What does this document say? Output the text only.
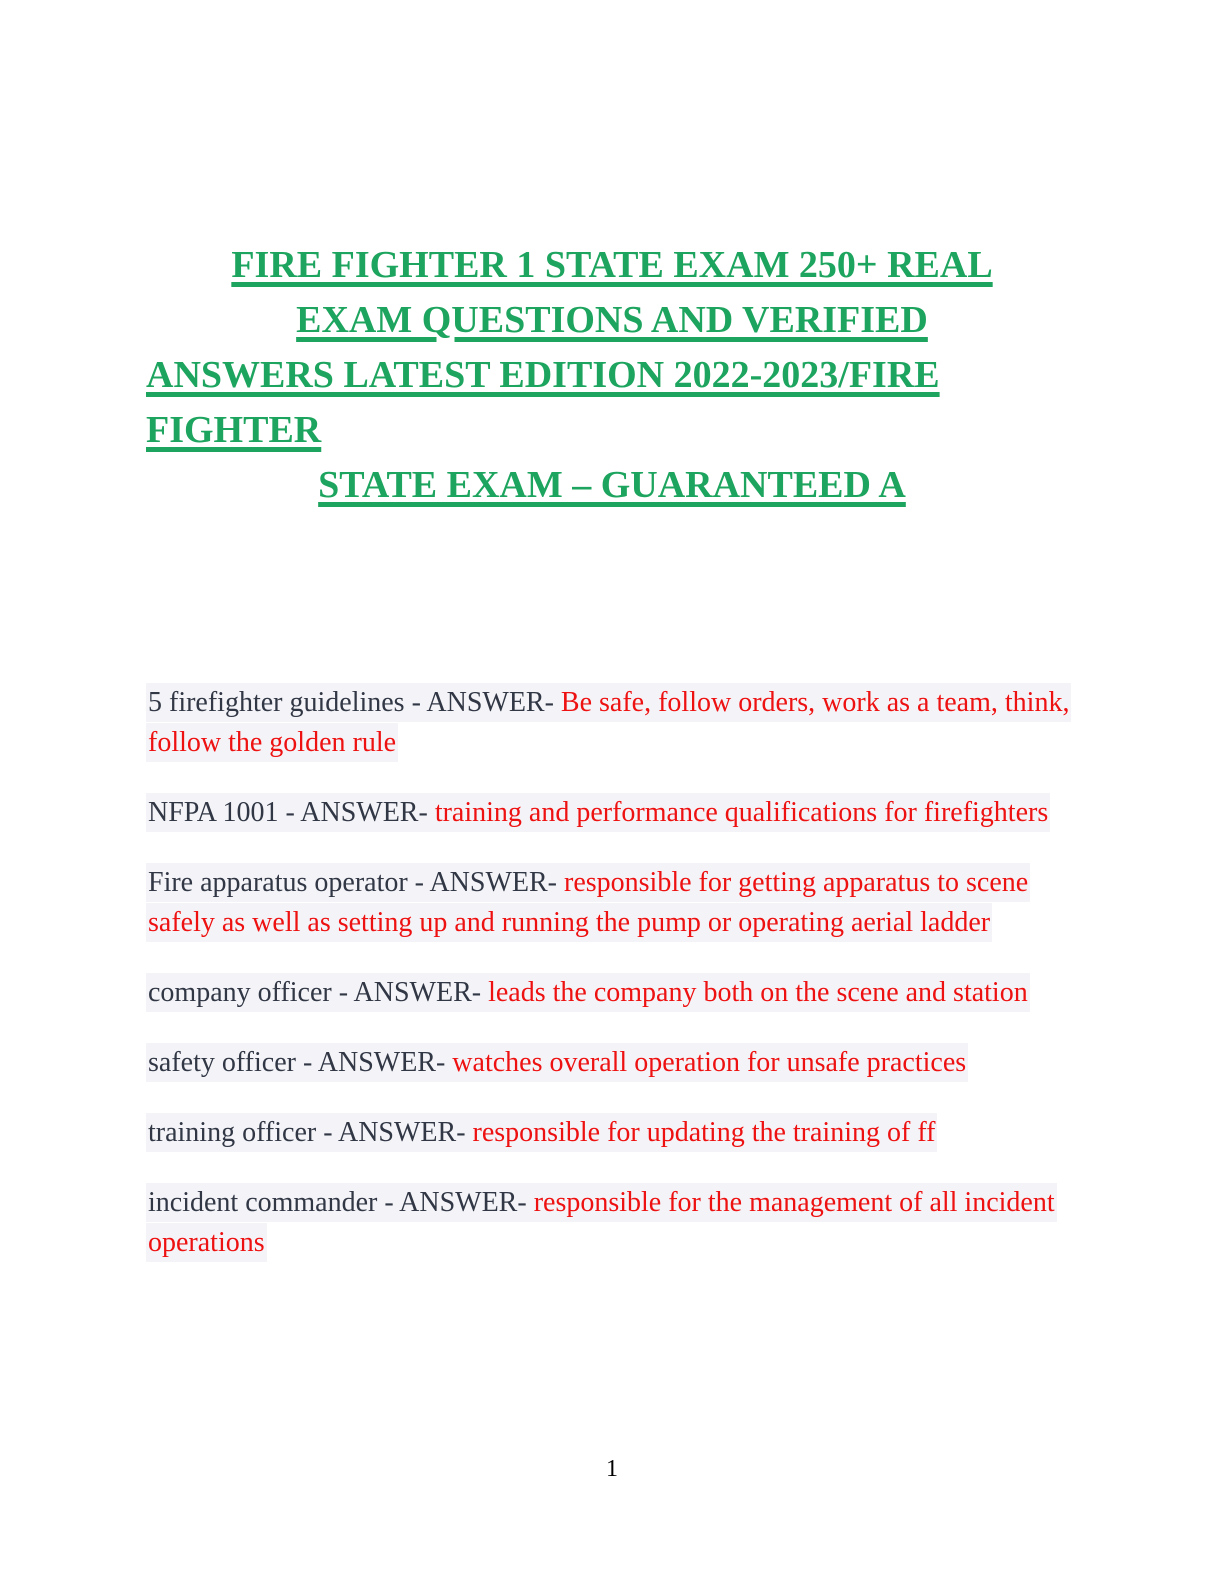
FIRE FIGHTER 1 STATE EXAM 250+ REAL
EXAM QUESTIONS AND VERIFIED
ANSWERS LATEST EDITION 2022-2023/FIRE
FIGHTER
STATE EXAM – GUARANTEED A

5 firefighter guidelines - ANSWER- Be safe, follow orders, work as a team, think, follow the golden rule

NFPA 1001 - ANSWER- training and performance qualifications for firefighters

Fire apparatus operator - ANSWER- responsible for getting apparatus to scene safely as well as setting up and running the pump or operating aerial ladder

company officer - ANSWER- leads the company both on the scene and station

safety officer - ANSWER- watches overall operation for unsafe practices

training officer - ANSWER- responsible for updating the training of ff

incident commander - ANSWER- responsible for the management of all incident operations

1
